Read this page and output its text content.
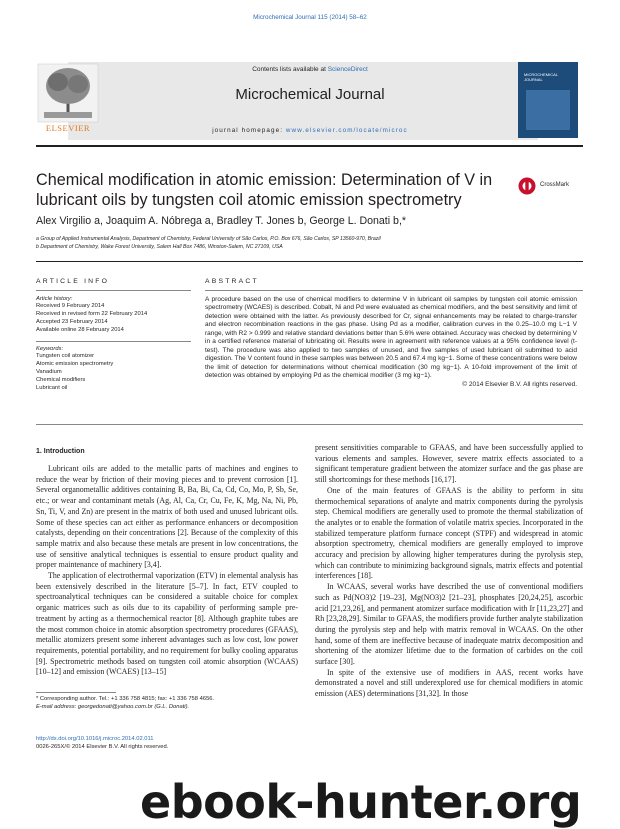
Microchemical Journal 115 (2014) 58–62
Contents lists available at ScienceDirect
Microchemical Journal
journal homepage: www.elsevier.com/locate/microc
ELSEVIER
MICROCHEMICAL JOURNAL
Chemical modification in atomic emission: Determination of V in lubricant oils by tungsten coil atomic emission spectrometry
CrossMark
Alex Virgilio a, Joaquim A. Nóbrega a, Bradley T. Jones b, George L. Donati b,*
a Group of Applied Instrumental Analysis, Department of Chemistry, Federal University of São Carlos, P.O. Box 676, São Carlos, SP 13560-970, Brazil
b Department of Chemistry, Wake Forest University, Salem Hall Box 7486, Winston-Salem, NC 27109, USA
ARTICLE INFO
Article history:
Received 9 February 2014
Received in revised form 22 February 2014
Accepted 23 February 2014
Available online 28 February 2014
Keywords:
Tungsten coil atomizer
Atomic emission spectrometry
Vanadium
Chemical modifiers
Lubricant oil
ABSTRACT
A procedure based on the use of chemical modifiers to determine V in lubricant oil samples by tungsten coil atomic emission spectrometry (WCAES) is described. Cobalt, Ni and Pd were evaluated as chemical modifiers, and the best sensitivity and limit of detection were obtained with the latter. As previously described for Cr, signal enhancements may be related to charge-transfer and electron recombination reactions in the gas phase. Using Pd as a modifier, calibration curves in the 0.25–10.0 mg L−1 V range, with R2 > 0.999 and relative standard deviations better than 5.6% were obtained. Accuracy was checked by determining V in a certified reference material of lubricating oil. Results were in agreement with reference values at a 95% confidence level (t-test). The procedure was also applied to two samples of unused, and five samples of used lubricant oil submitted to acid digestion. The V content found in these samples was between 20.5 and 67.4 mg kg−1. Some of these concentrations were below the limit of detection for determinations without chemical modification (30 mg kg−1). A 10-fold improvement of the limit of detection was obtained by employing Pd as the chemical modifier (3 mg kg−1).
© 2014 Elsevier B.V. All rights reserved.
1. Introduction

Lubricant oils are added to the metallic parts of machines and engines to reduce the wear by friction of their moving pieces and to prevent corrosion [1]. Several organometallic additives containing B, Ba, Bi, Ca, Cd, Co, Mo, P, Sb, Se, etc.; or wear and contaminant metals (Ag, Al, Ca, Cr, Cu, Fe, K, Mg, Na, Ni, Pb, Sn, Ti, V, and Zn) are present in the matrix of both used and unused lubricant oils. Some of these species can act either as performance enhancers or decomposition catalysts, depending on their concentrations [2]. Because of the complexity of this sample matrix and also because these metals are present in low concentrations, the use of sensitive analytical techniques is essential to ensure product quality and proper maintenance of machinery [3,4].

The application of electrothermal vaporization (ETV) in elemental analysis has been extensively described in the literature [5–7]. In fact, ETV coupled to spectroanalytical techniques can be considered a suitable choice for complex organic matrices such as oils due to its capability of performing sample pre-treatment by acting as a thermochemical reactor [8]. Although graphite tubes are the most common choice in atomic absorption spectrometry procedures (GFAAS), metallic atomizers present some inherent advantages such as low cost, low power requirements, potential portability, and no requirement for bulky cooling apparatus [9]. Spectrometric methods based on tungsten coil atomic absorption (WCAAS) [10–12] and emission (WCAES) [13–15]

present sensitivities comparable to GFAAS, and have been successfully applied to various elements and samples. However, severe matrix effects associated to a significant temperature gradient between the atomizer surface and the gas phase are still shortcomings for these methods [16,17].

One of the main features of GFAAS is the ability to perform in situ thermochemical separations of analyte and matrix components during the pyrolysis step. Chemical modifiers are generally used to promote the thermal stabilization of the analytes or to enable the formation of volatile matrix species. Incorporated in the stabilized temperature platform furnace concept (STPF) and widespread in atomic absorption spectrometry, chemical modifiers are generally employed to improve accuracy and precision by allowing higher temperatures during the pyrolysis step, which can contribute to minimizing background signals, matrix effects and potential interferences [18].

In WCAAS, several works have described the use of conventional modifiers such as Pd(NO3)2 [19–23], Mg(NO3)2 [21–23], phosphates [20,24,25], ascorbic acid [21,23,26], and permanent atomizer surface modification with Ir [11,23,27] and Rh [23,28,29]. Similar to GFAAS, the modifiers provide further analyte stabilization during the pyrolysis step and help with matrix removal in WCAAS. On the other hand, some of them are ineffective because of inadequate matrix decomposition and shortening of the atomizer lifetime due to the formation of carbides on the coil surface [30].

In spite of the extensive use of modifiers in AAS, recent works have demonstrated a novel and still underexplored use for chemical modifiers in atomic emission (AES) determinations [31,32]. In those

* Corresponding author. Tel.: +1 336 758 4815; fax: +1 336 758 4656.
E-mail address: georgedonati@yahoo.com.br (G.L. Donati).
http://dx.doi.org/10.1016/j.microc.2014.02.011
0026-265X/© 2014 Elsevier B.V. All rights reserved.
ebook-hunter.org
